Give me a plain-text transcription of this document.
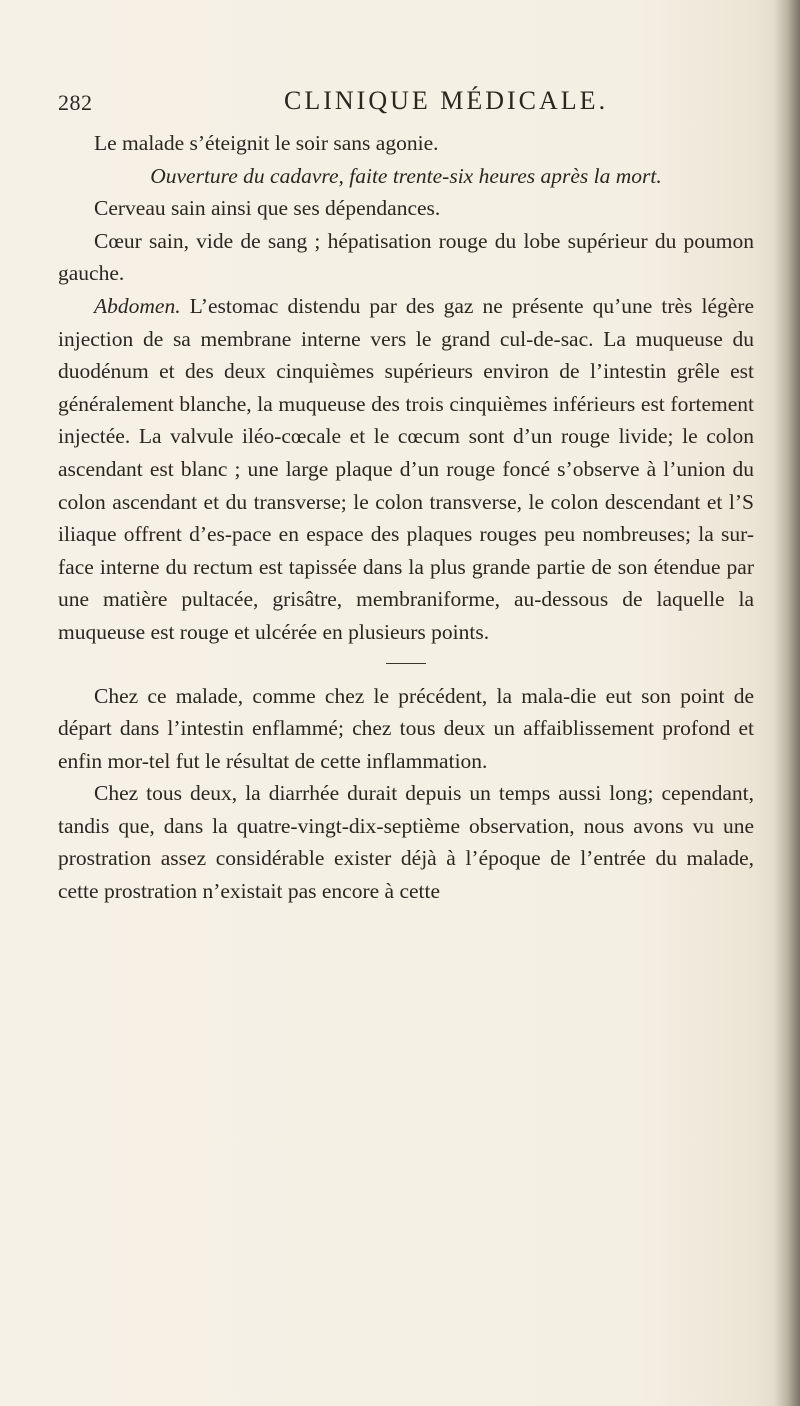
282	CLINIQUE MÉDICALE.

Le malade s’éteignit le soir sans agonie.

Ouverture du cadavre, faite trente-six heures après la mort.

Cerveau sain ainsi que ses dépendances.

Cœur sain, vide de sang ; hépatisation rouge du lobe supérieur du poumon gauche.

Abdomen. L’estomac distendu par des gaz ne présente qu’une très légère injection de sa membrane interne vers le grand cul-de-sac. La muqueuse du duodénum et des deux cinquièmes supérieurs environ de l’intestin grêle est généralement blanche, la muqueuse des trois cinquièmes inférieurs est fortement injectée. La valvule iléo-cœcale et le cœcum sont d’un rouge livide; le colon ascendant est blanc ; une large plaque d’un rouge foncé s’observe à l’union du colon ascendant et du transverse; le colon transverse, le colon descendant et l’S iliaque offrent d’es-pace en espace des plaques rouges peu nombreuses; la sur-face interne du rectum est tapissée dans la plus grande partie de son étendue par une matière pultacée, grisâtre, membraniforme, au-dessous de laquelle la muqueuse est rouge et ulcérée en plusieurs points.

Chez ce malade, comme chez le précédent, la mala-die eut son point de départ dans l’intestin enflammé; chez tous deux un affaiblissement profond et enfin mor-tel fut le résultat de cette inflammation.

Chez tous deux, la diarrhée durait depuis un temps aussi long; cependant, tandis que, dans la quatre-vingt-dix-septième observation, nous avons vu une prostration assez considérable exister déjà à l’époque de l’entrée du malade, cette prostration n’existait pas encore à cette
